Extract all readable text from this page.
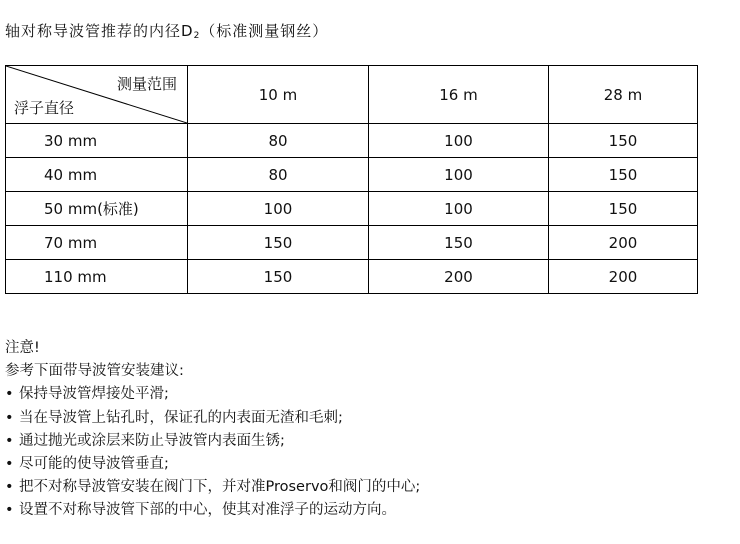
轴对称导波管推荐的内径$D_2$（标准测量钢丝）
测量范围
浮子直径	10 m	16 m	28 m
30 mm	80	100	150
40 mm	80	100	150
50 mm(标准)	100	100	150
70 mm	150	150	200
110 mm	150	200	200
注意!
参考下面带导波管安装建议:
• 保持导波管焊接处平滑;
• 当在导波管上钻孔时，保证孔的内表面无渣和毛刺;
• 通过抛光或涂层来防止导波管内表面生锈;
• 尽可能的使导波管垂直;
• 把不对称导波管安装在阀门下，并对准Proservo和阀门的中心;
• 设置不对称导波管下部的中心，使其对准浮子的运动方向。
